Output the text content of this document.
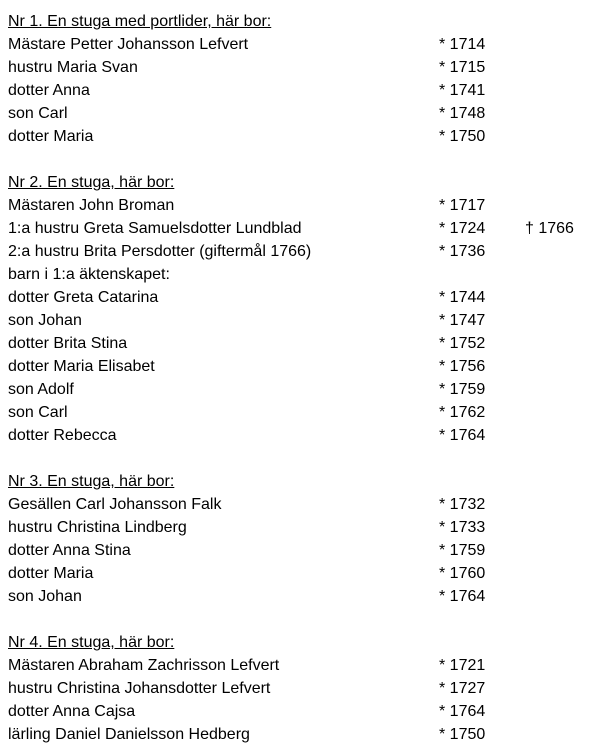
Nr 1. En stuga med portlider, här bor:
Mästare Petter Johansson Lefvert	* 1714
hustru Maria Svan	* 1715
dotter Anna	* 1741
son Carl	* 1748
dotter Maria	* 1750
Nr 2. En stuga, här bor:
Mästaren John Broman	* 1717
1:a hustru Greta Samuelsdotter Lundblad	* 1724 † 1766
2:a hustru Brita Persdotter (giftermål 1766)	* 1736
barn i 1:a äktenskapet:
dotter Greta Catarina	* 1744
son Johan	* 1747
dotter Brita Stina	* 1752
dotter Maria Elisabet	* 1756
son Adolf	* 1759
son Carl	* 1762
dotter Rebecca	* 1764
Nr 3. En stuga, här bor:
Gesällen Carl Johansson Falk	* 1732
hustru Christina Lindberg	* 1733
dotter Anna Stina	* 1759
dotter Maria	* 1760
son Johan	* 1764
Nr 4. En stuga, här bor:
Mästaren Abraham Zachrisson Lefvert	* 1721
hustru Christina Johansdotter Lefvert	* 1727
dotter Anna Cajsa	* 1764
lärling Daniel Danielsson Hedberg	* 1750
